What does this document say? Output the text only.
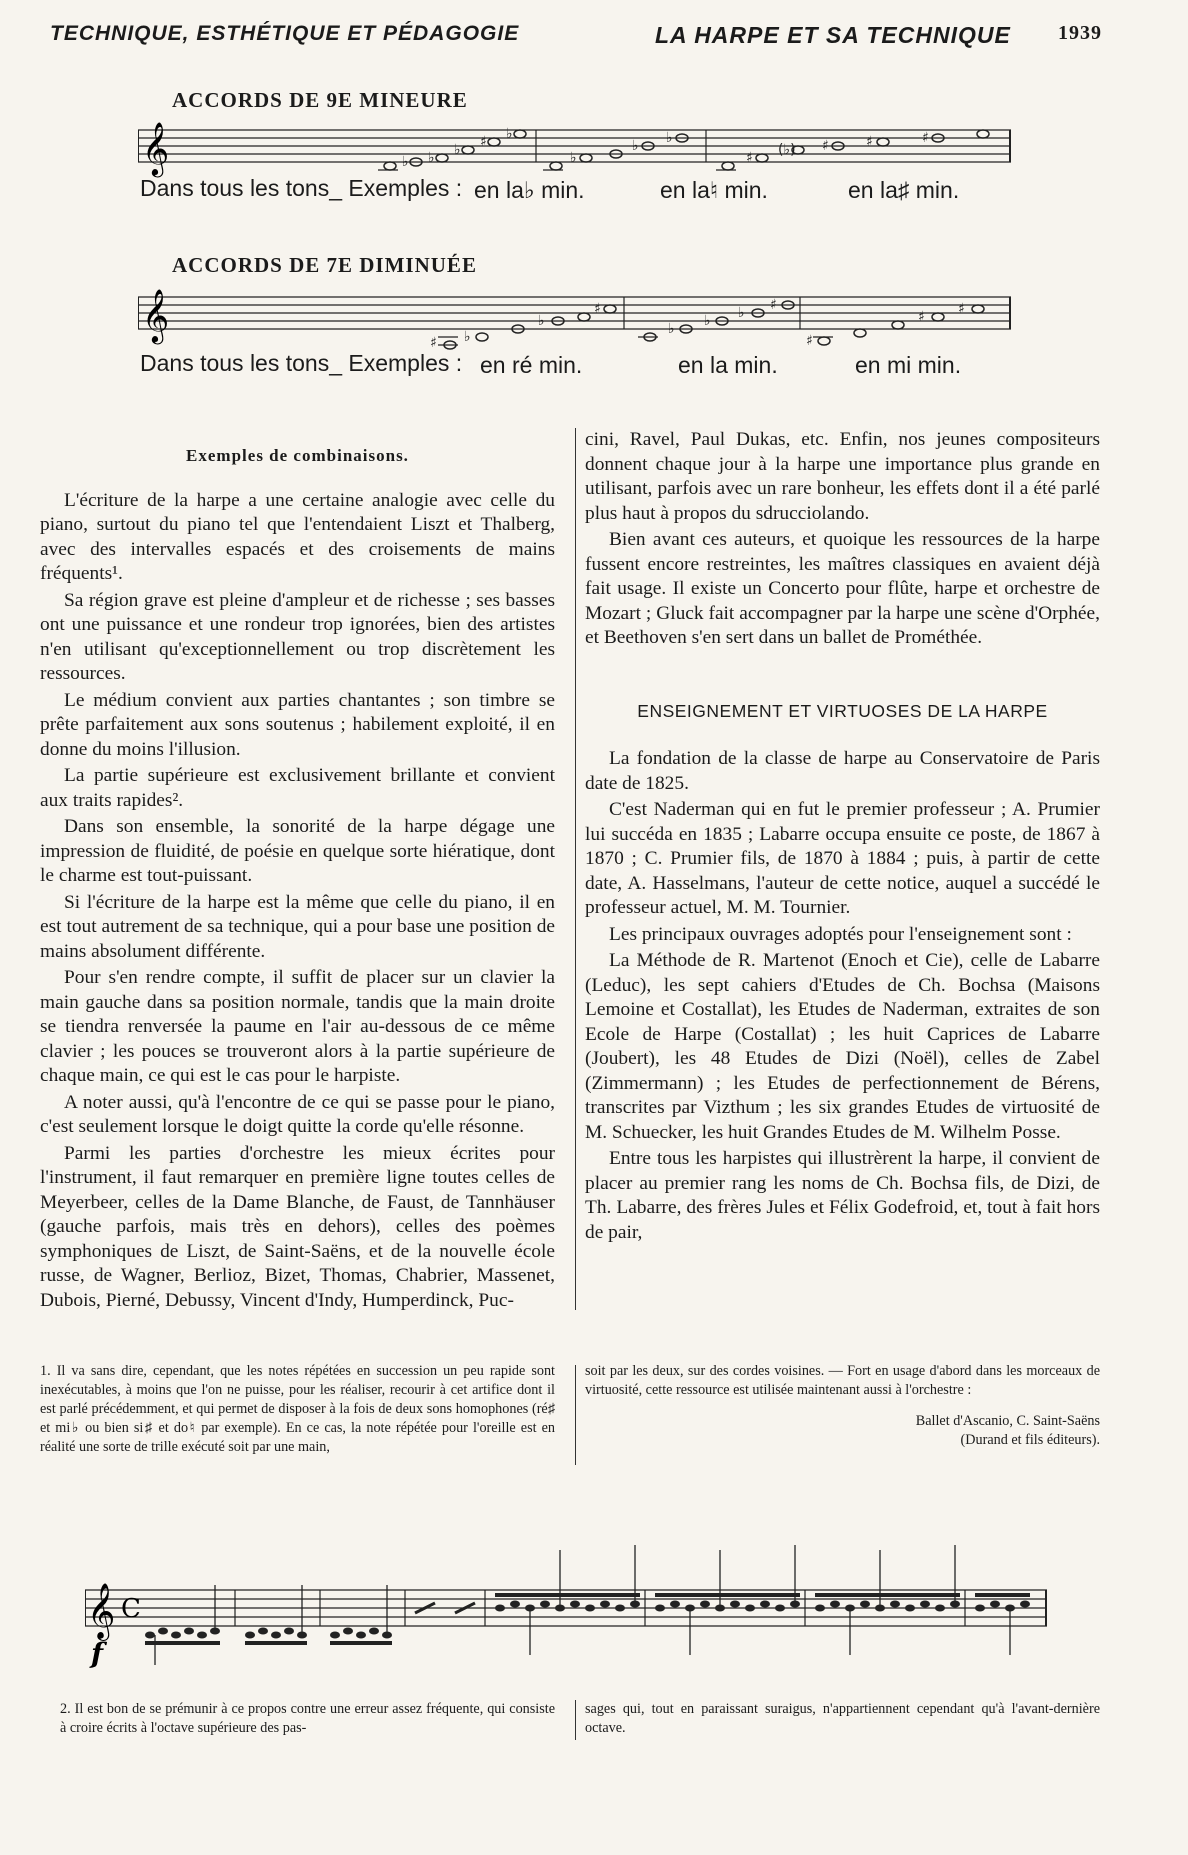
TECHNIQUE, ESTHÉTIQUE ET PÉDAGOGIE	LA HARPE ET SA TECHNIQUE 1939
ACCORDS DE 9E MINEURE
𝄞	♭ ♭ ♭ ♯ ♭
♭
♭ ♭
♯ (♭) ♯	♯	♯
Dans tous les tons_ Exemples : en la♭ min.	en la♮ min.	en la♯ min.
ACCORDS DE 7E DIMINUÉE
𝄞
♯ ♭
♭
♯
♭ ♭ ♭ ♯
♯
♯ ♯
Dans tous les tons_ Exemples : en ré min.	en la min.	en mi min.

Exemples de combinaisons.

L'écriture de la harpe a une certaine analogie avec celle du piano, surtout du piano tel que l'entendaient Liszt et Thalberg, avec des intervalles espacés et des croisements de mains fréquents¹.

Sa région grave est pleine d'ampleur et de richesse ; ses basses ont une puissance et une rondeur trop ignorées, bien des artistes n'en utilisant qu'exceptionnellement ou trop discrètement les ressources.

Le médium convient aux parties chantantes ; son timbre se prête parfaitement aux sons soutenus ; habilement exploité, il en donne du moins l'illusion.

La partie supérieure est exclusivement brillante et convient aux traits rapides².

Dans son ensemble, la sonorité de la harpe dégage une impression de fluidité, de poésie en quelque sorte hiératique, dont le charme est tout-puissant.

Si l'écriture de la harpe est la même que celle du piano, il en est tout autrement de sa technique, qui a pour base une position de mains absolument différente.

Pour s'en rendre compte, il suffit de placer sur un clavier la main gauche dans sa position normale, tandis que la main droite se tiendra renversée la paume en l'air au-dessous de ce même clavier ; les pouces se trouveront alors à la partie supérieure de chaque main, ce qui est le cas pour le harpiste.

A noter aussi, qu'à l'encontre de ce qui se passe pour le piano, c'est seulement lorsque le doigt quitte la corde qu'elle résonne.

Parmi les parties d'orchestre les mieux écrites pour l'instrument, il faut remarquer en première ligne toutes celles de Meyerbeer, celles de la Dame Blanche, de Faust, de Tannhäuser (gauche parfois, mais très en dehors), celles des poèmes symphoniques de Liszt, de Saint-Saëns, et de la nouvelle école russe, de Wagner, Berlioz, Bizet, Thomas, Chabrier, Massenet, Dubois, Pierné, Debussy, Vincent d'Indy, Humperdinck, Puc-

cini, Ravel, Paul Dukas, etc. Enfin, nos jeunes compositeurs donnent chaque jour à la harpe une importance plus grande en utilisant, parfois avec un rare bonheur, les effets dont il a été parlé plus haut à propos du sdrucciolando.

Bien avant ces auteurs, et quoique les ressources de la harpe fussent encore restreintes, les maîtres classiques en avaient déjà fait usage. Il existe un Concerto pour flûte, harpe et orchestre de Mozart ; Gluck fait accompagner par la harpe une scène d'Orphée, et Beethoven s'en sert dans un ballet de Prométhée.

ENSEIGNEMENT ET VIRTUOSES DE LA HARPE

La fondation de la classe de harpe au Conservatoire de Paris date de 1825.

C'est Naderman qui en fut le premier professeur ; A. Prumier lui succéda en 1835 ; Labarre occupa ensuite ce poste, de 1867 à 1870 ; C. Prumier fils, de 1870 à 1884 ; puis, à partir de cette date, A. Hasselmans, l'auteur de cette notice, auquel a succédé le professeur actuel, M. M. Tournier.

Les principaux ouvrages adoptés pour l'enseignement sont :

La Méthode de R. Martenot (Enoch et Cie), celle de Labarre (Leduc), les sept cahiers d'Etudes de Ch. Bochsa (Maisons Lemoine et Costallat), les Etudes de Naderman, extraites de son Ecole de Harpe (Costallat) ; les huit Caprices de Labarre (Joubert), les 48 Etudes de Dizi (Noël), celles de Zabel (Zimmermann) ; les Etudes de perfectionnement de Bérens, transcrites par Vizthum ; les six grandes Etudes de virtuosité de M. Schuecker, les huit Grandes Etudes de M. Wilhelm Posse.

Entre tous les harpistes qui illustrèrent la harpe, il convient de placer au premier rang les noms de Ch. Bochsa fils, de Dizi, de Th. Labarre, des frères Jules et Félix Godefroid, et, tout à fait hors de pair,

1. Il va sans dire, cependant, que les notes répétées en succession un peu rapide sont inexécutables, à moins que l'on ne puisse, pour les réaliser, recourir à cet artifice dont il est parlé précédemment, et qui permet de disposer à la fois de deux sons homophones (ré♯ et mi♭ ou bien si♯ et do♮ par exemple). En ce cas, la note répétée pour l'oreille est en réalité une sorte de trille exécuté soit par une main,

soit par les deux, sur des cordes voisines. — Fort en usage d'abord dans les morceaux de virtuosité, cette ressource est utilisée maintenant aussi à l'orchestre :

Ballet d'Ascanio, C. Saint-Saëns

(Durand et fils éditeurs).

𝄞 C
f

2. Il est bon de se prémunir à ce propos contre une erreur assez fréquente, qui consiste à croire écrits à l'octave supérieure des pas-

sages qui, tout en paraissant suraigus, n'appartiennent cependant qu'à l'avant-dernière octave.
